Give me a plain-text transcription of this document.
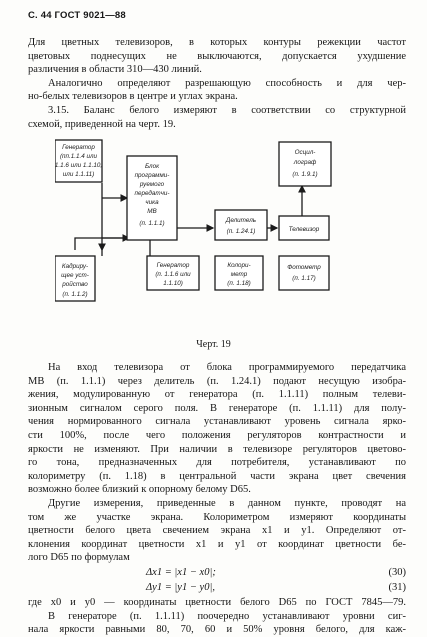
С. 44 ГОСТ 9021—88
Для цветных телевизоров, в которых контуры режекции частот
цветовых поднесущих не выключаются, допускается ухудшение
различения в области 310—430 линий.
Аналогично определяют разрешающую способность и для чер-
но-белых телевизоров в центре и углах экрана.
3.15. Баланс белого измеряют в соответствии со структурной
схемой, приведенной на черт. 19.
Генератор
(пп.1.1.4 или
1.1.6 или 1.1.10,
или 1.1.11)
Блок
программи-
руемого
передатчи-
чика
МВ
(п. 1.1.1)	Делитель
(п. 1.24.1)
Осцил-
лограф
(п. 1.9.1)
Телевизор
Кадриру-
щее уст-
ройство
(п. 1.1.2)
Генератор
(п. 1.1.6 или
1.1.10)
Колори-
метр
(п. 1.18)
Фотометр
(п. 1.17)
Черт. 19
На вход телевизора от блока программируемого передатчика
МВ (п. 1.1.1) через делитель (п. 1.24.1) подают несущую изобра-
жения, модулированную от генератора (п. 1.1.11) полным телеви-
зионным сигналом серого поля. В генераторе (п. 1.1.11) для полу-
чения нормированного сигнала устанавливают уровень сигнала ярко-
сти 100%, после чего положения регуляторов контрастности и
яркости не изменяют. При наличии в телевизоре регуляторов цветово-
го тона, предназначенных для потребителя, устанавливают по
колориметру (п. 1.18) в центральной части экрана цвет свечения
возможно более близкий к опорному белому D65.
Другие измерения, приведенные в данном пункте, проводят на
том же участке экрана. Колориметром измеряют координаты
цветности белого цвета свечением экрана x1 и y1. Определяют от-
клонения координат цветности x1 и y1 от координат цветности бе-
лого D65 по формулам
Δx1 = |x1 − x0|;	(30)
Δy1 = |y1 − y0|,	(31)
где x0 и y0 — координаты цветности белого D65 по ГОСТ 7845—79.
В генераторе (п. 1.1.11) поочередно устанавливают уровни сиг-
нала яркости равными 80, 70, 60 и 50% уровня белого, для каж-
